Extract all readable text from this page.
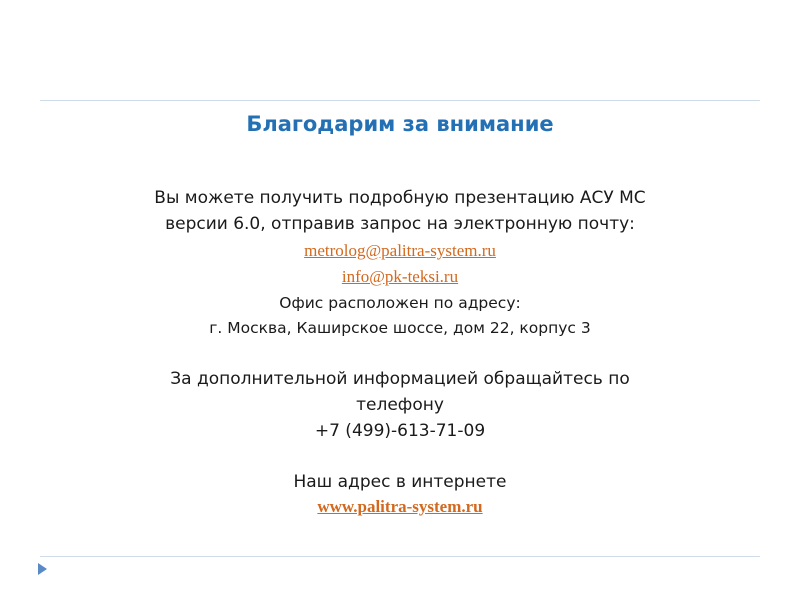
Благодарим за внимание
Вы можете получить подробную презентацию АСУ МС
версии 6.0, отправив запрос на электронную почту:
metrolog@palitra-system.ru
info@pk-teksi.ru
Офис расположен по адресу:
г. Москва, Каширское шоссе, дом 22, корпус 3
За дополнительной информацией обращайтесь по
телефону
+7 (499)-613-71-09
Наш адрес в интернете
www.palitra-system.ru
